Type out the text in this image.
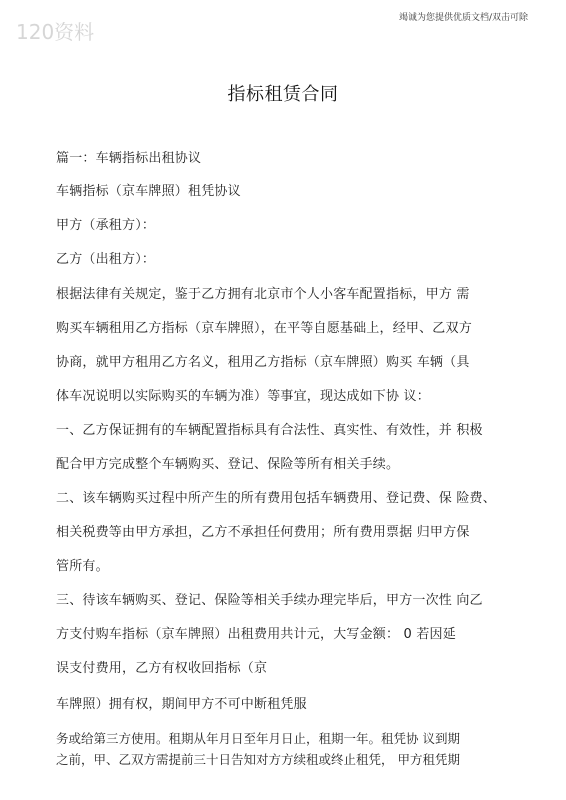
120资料
竭诚为您提供优质文档/双击可除
指标租赁合同
篇一：车辆指标出租协议
车辆指标（京车牌照）租凭协议
甲方（承租方）：
乙方（出租方）：
根据法律有关规定，鉴于乙方拥有北京市个人小客车配置指标，甲方 需
购买车辆租用乙方指标（京车牌照），在平等自愿基础上，经甲、乙双方
协商，就甲方租用乙方名义，租用乙方指标（京车牌照）购买 车辆（具
体车况说明以实际购买的车辆为准）等事宜，现达成如下协 议：
一、乙方保证拥有的车辆配置指标具有合法性、真实性、有效性，并 积极
配合甲方完成整个车辆购买、登记、保险等所有相关手续。
二、该车辆购买过程中所产生的所有费用包括车辆费用、登记费、保 险费、
相关税费等由甲方承担，乙方不承担任何费用；所有费用票据 归甲方保
管所有。
三、待该车辆购买、登记、保险等相关手续办理完毕后，甲方一次性 向乙
方支付购车指标（京车牌照）出租费用共计元，大写金额： 0 若因延
误支付费用，乙方有权收回指标（京
车牌照）拥有权，期间甲方不可中断租凭服
务或给第三方使用。租期从年月日至年月日止，租期一年。租凭协 议到期
之前，甲、乙双方需提前三十日告知对方方续租或终止租凭， 甲方租凭期
